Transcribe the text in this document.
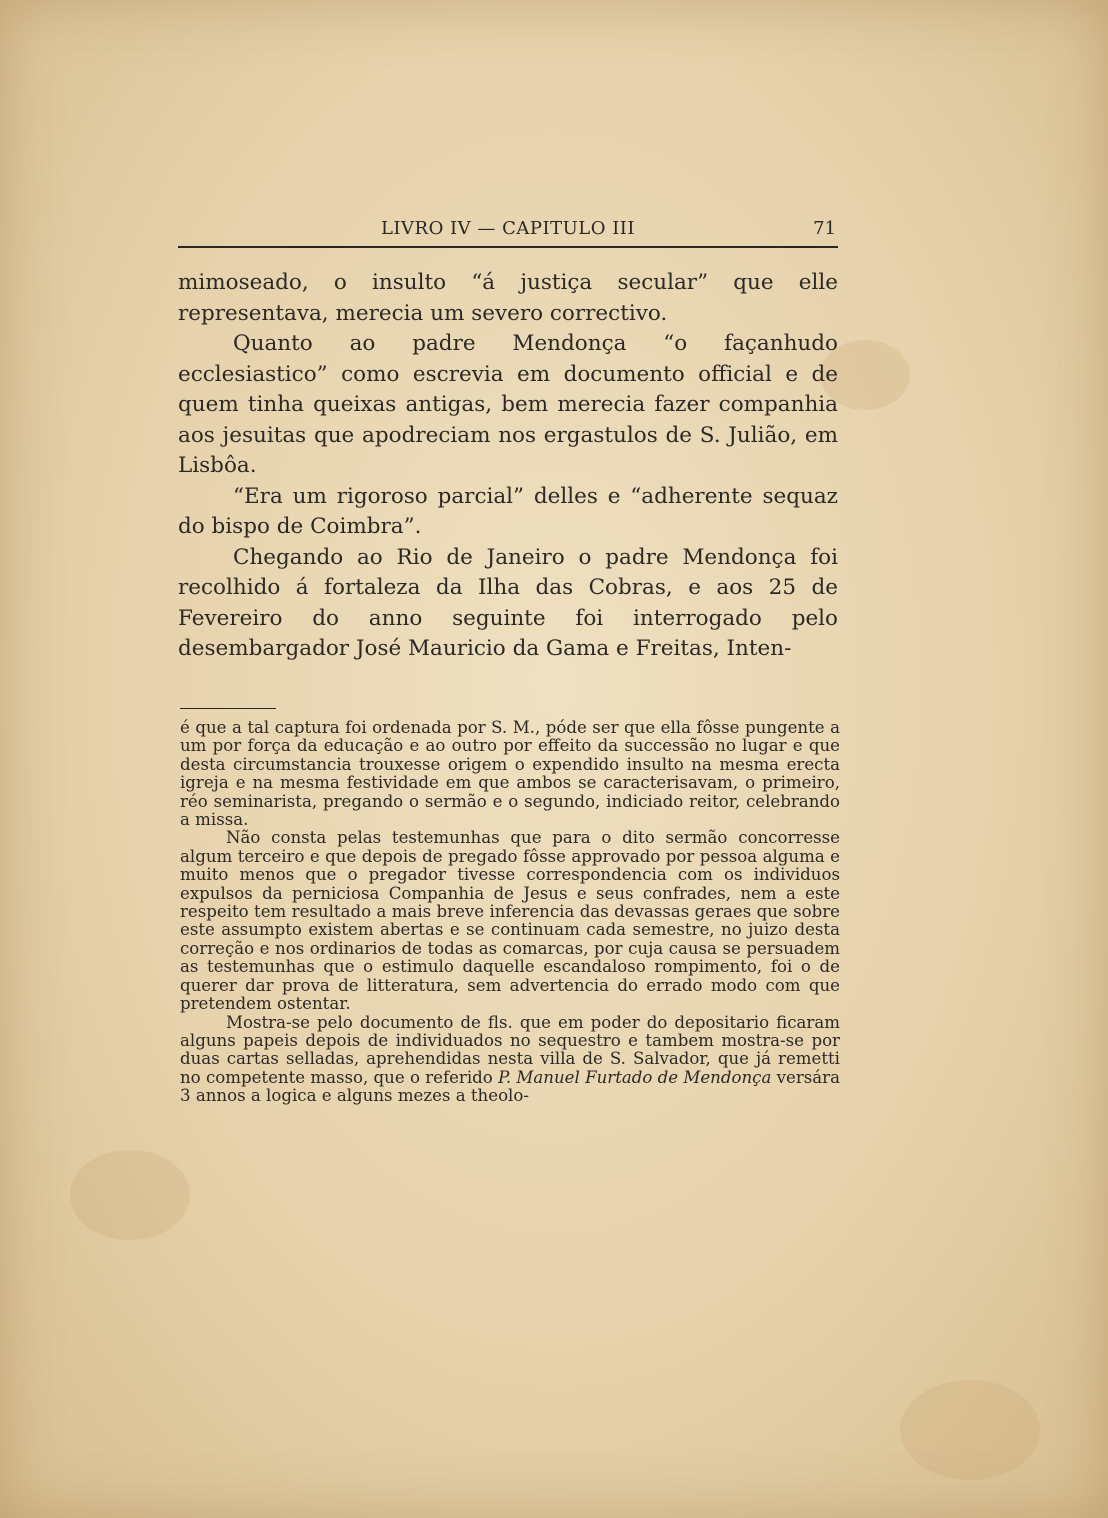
LIVRO IV — CAPITULO III	71

mimoseado, o insulto “á justiça secular” que elle representava, merecia um severo correctivo.

Quanto ao padre Mendonça “o façanhudo ecclesiastico” como escrevia em documento official e de quem tinha queixas antigas, bem merecia fazer companhia aos jesuitas que apodreciam nos ergastulos de S. Julião, em Lisbôa.

“Era um rigoroso parcial” delles e “adherente sequaz do bispo de Coimbra”.

Chegando ao Rio de Janeiro o padre Mendonça foi recolhido á fortaleza da Ilha das Cobras, e aos 25 de Fevereiro do anno seguinte foi interrogado pelo desembargador José Mauricio da Gama e Freitas, Inten-

é que a tal captura foi ordenada por S. M., póde ser que ella fôsse pungente a um por força da educação e ao outro por effeito da successão no lugar e que desta circumstancia trouxesse origem o expendido insulto na mesma erecta igreja e na mesma festividade em que ambos se caracterisavam, o primeiro, réo seminarista, pregando o sermão e o segundo, indiciado reitor, celebrando a missa.

Não consta pelas testemunhas que para o dito sermão concorresse algum terceiro e que depois de pregado fôsse approvado por pessoa alguma e muito menos que o pregador tivesse correspondencia com os individuos expulsos da perniciosa Companhia de Jesus e seus confrades, nem a este respeito tem resultado a mais breve inferencia das devassas geraes que sobre este assumpto existem abertas e se continuam cada semestre, no juizo desta correção e nos ordinarios de todas as comarcas, por cuja causa se persuadem as testemunhas que o estimulo daquelle escandaloso rompimento, foi o de querer dar prova de litteratura, sem advertencia do errado modo com que pretendem ostentar.

Mostra-se pelo documento de fls. que em poder do depositario ficaram alguns papeis depois de individuados no sequestro e tambem mostra-se por duas cartas selladas, aprehendidas nesta villa de S. Salvador, que já remetti no competente masso, que o referido P. Manuel Furtado de Mendonça versára 3 annos a logica e alguns mezes a theolo-
